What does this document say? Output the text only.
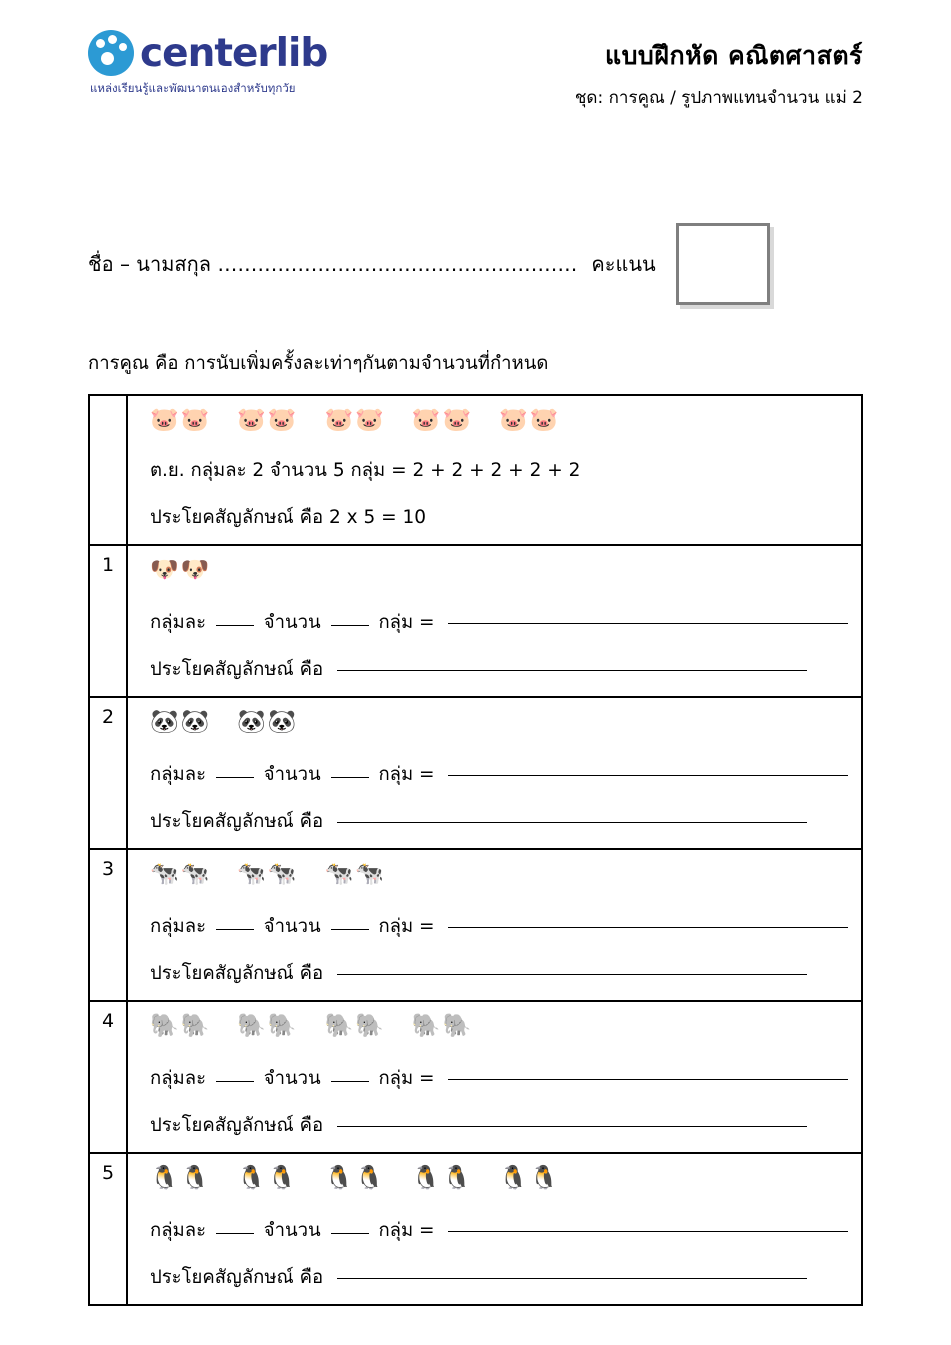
centerlib
แหล่งเรียนรู้และพัฒนาตนเองสำหรับทุกวัย
แบบฝึกหัด คณิตศาสตร์
ชุด: การคูณ / รูปภาพแทนจำนวน แม่ 2
ชื่อ – นามสกุล ……………………………………………… คะแนน
การคูณ คือ การนับเพิ่มครั้งละเท่าๆกันตามจำนวนที่กำหนด
🐷🐷 🐷🐷 🐷🐷 🐷🐷 🐷🐷
ต.ย. กลุ่มละ 2 จำนวน 5 กลุ่ม = 2 + 2 + 2 + 2 + 2
ประโยคสัญลักษณ์ คือ 2 x 5 = 10
1	🐶🐶
กลุ่มละ  จำนวน  กลุ่ม =
ประโยคสัญลักษณ์ คือ
2	🐼🐼 🐼🐼
กลุ่มละ  จำนวน  กลุ่ม =
ประโยคสัญลักษณ์ คือ
3	🐄🐄 🐄🐄 🐄🐄
กลุ่มละ  จำนวน  กลุ่ม =
ประโยคสัญลักษณ์ คือ
4	🐘🐘 🐘🐘 🐘🐘 🐘🐘
กลุ่มละ  จำนวน  กลุ่ม =
ประโยคสัญลักษณ์ คือ
5	🐧🐧 🐧🐧 🐧🐧 🐧🐧 🐧🐧
กลุ่มละ  จำนวน  กลุ่ม =
ประโยคสัญลักษณ์ คือ
